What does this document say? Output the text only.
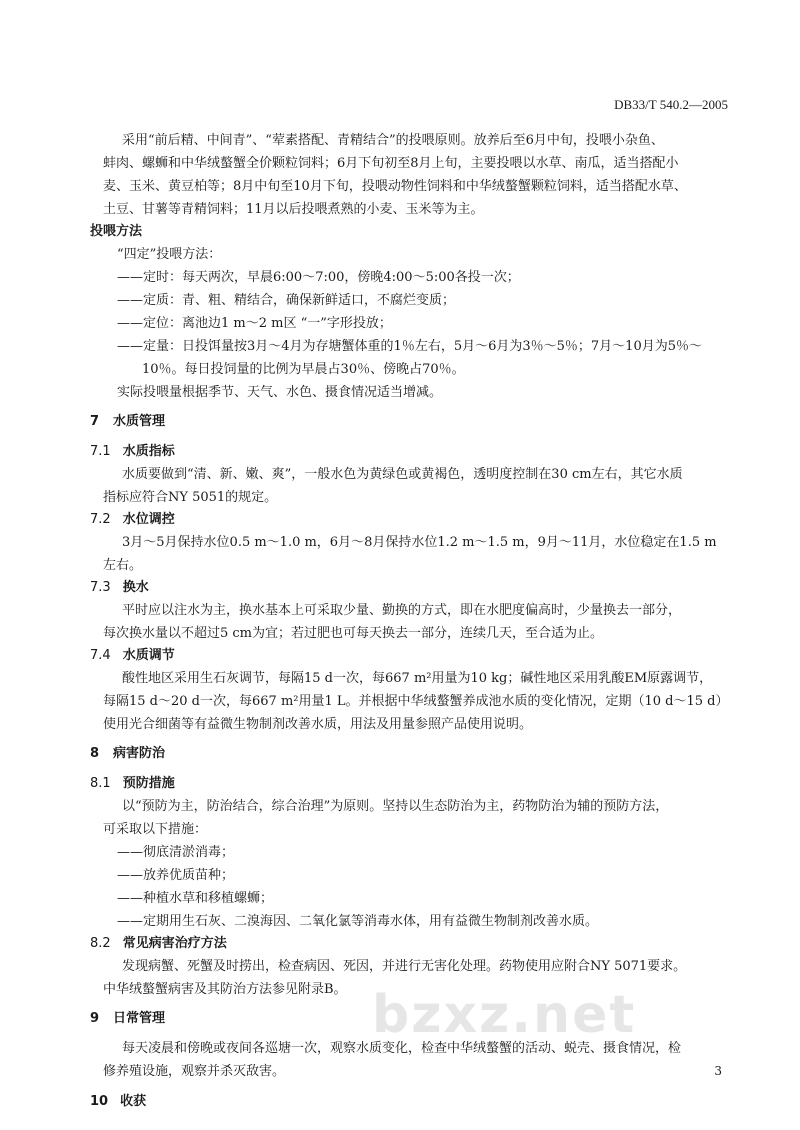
DB33/T 540.2—2005
采用“前后精、中间青”、“荤素搭配、青精结合”的投喂原则。放养后至6月中旬，投喂小杂鱼、
蚌肉、螺蛳和中华绒螯蟹全价颗粒饲料；6月下旬初至8月上旬，主要投喂以水草、南瓜，适当搭配小
麦、玉米、黄豆柏等；8月中旬至10月下旬，投喂动物性饲料和中华绒螯蟹颗粒饲料，适当搭配水草、
土豆、甘薯等青精饲料；11月以后投喂煮熟的小麦、玉米等为主。
投喂方法
“四定”投喂方法：
——定时：每天两次，早晨6:00～7:00，傍晚4:00～5:00各投一次；
——定质：青、粗、精结合，确保新鲜适口，不腐烂变质；
——定位：离池边1 m～2 m区 “一”字形投放；
——定量：日投饵量按3月～4月为存塘蟹体重的1％左右，5月～6月为3％～5％；7月～10月为5％～
10％。每日投饲量的比例为早晨占30％、傍晚占70％。
实际投喂量根据季节、天气、水色、摄食情况适当增减。
7 水质管理
7.1 水质指标
水质要做到“清、新、嫩、爽”，一般水色为黄绿色或黄褐色，透明度控制在30 cm左右，其它水质
指标应符合NY 5051的规定。
7.2 水位调控
3月～5月保持水位0.5 m～1.0 m，6月～8月保持水位1.2 m～1.5 m，9月～11月，水位稳定在1.5 m
左右。
7.3 换水
平时应以注水为主，换水基本上可采取少量、勤换的方式，即在水肥度偏高时，少量换去一部分，
每次换水量以不超过5 cm为宜；若过肥也可每天换去一部分，连续几天，至合适为止。
7.4 水质调节
酸性地区采用生石灰调节，每隔15 d一次，每667 m²用量为10 kg；碱性地区采用乳酸EM原露调节，
每隔15 d～20 d一次，每667 m²用量1 L。并根据中华绒螯蟹养成池水质的变化情况，定期（10 d～15 d）
使用光合细菌等有益微生物制剂改善水质，用法及用量参照产品使用说明。
8 病害防治
8.1 预防措施
以“预防为主，防治结合，综合治理”为原则。坚持以生态防治为主，药物防治为辅的预防方法，
可采取以下措施：
——彻底清淤消毒；
——放养优质苗种；
——种植水草和移植螺蛳；
——定期用生石灰、二溴海因、二氧化氯等消毒水体，用有益微生物制剂改善水质。
8.2 常见病害治疗方法
发现病蟹、死蟹及时捞出，检查病因、死因，并进行无害化处理。药物使用应附合NY 5071要求。
中华绒螯蟹病害及其防治方法参见附录B。
9 日常管理
每天凌晨和傍晚或夜间各巡塘一次，观察水质变化，检查中华绒螯蟹的活动、蜕壳、摄食情况，检
修养殖设施，观察并杀灭敌害。
10 收获
bzxz.net
3
